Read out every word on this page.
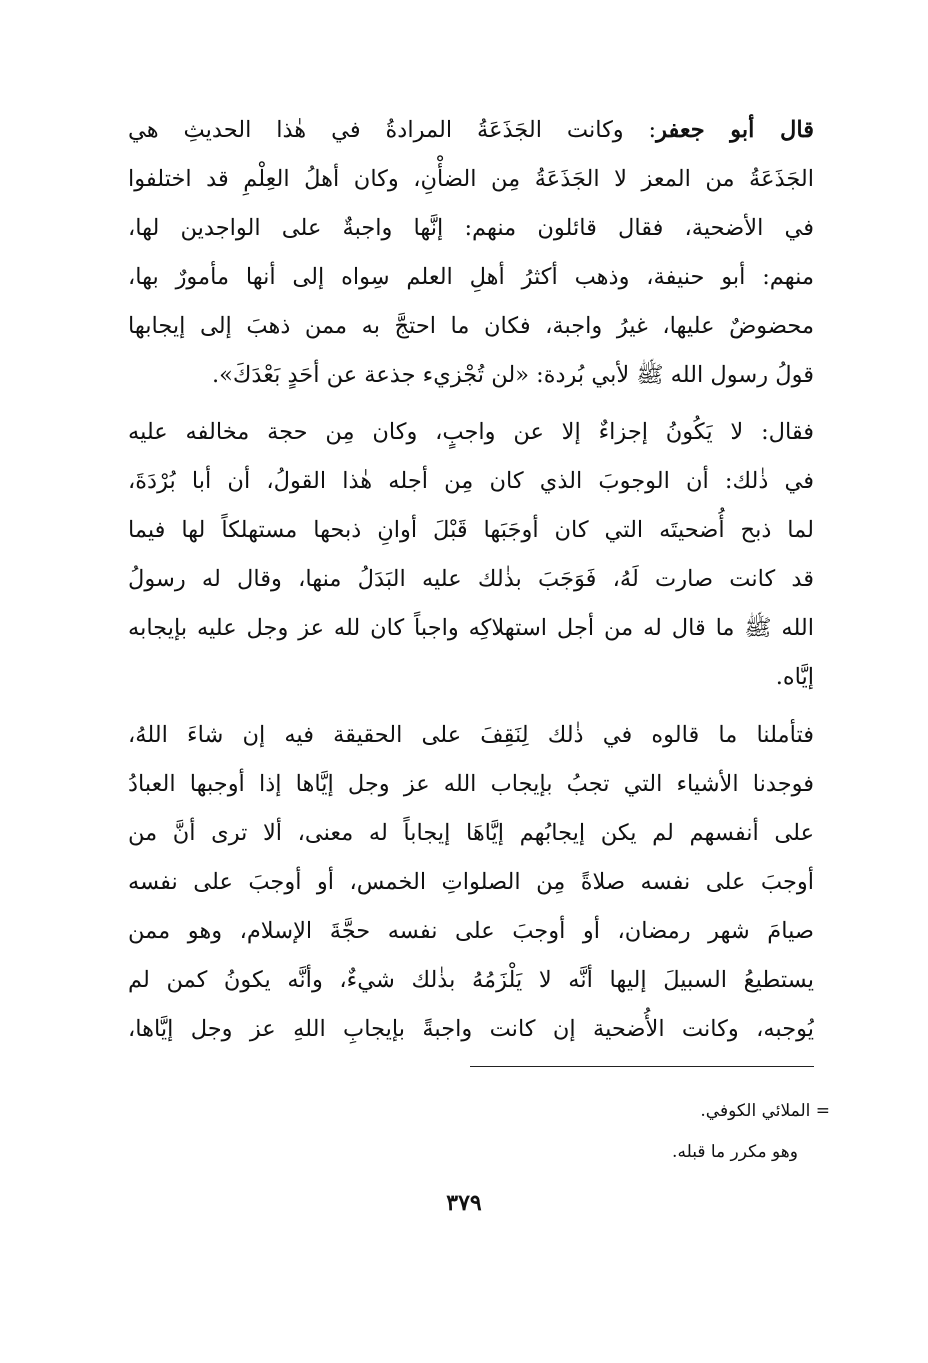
قال أبو جعفر: وكانت الجَذَعَةُ المرادةُ في هٰذا الحديثِ هي
الجَذَعَةُ من المعز لا الجَذَعَةُ مِن الضأْنِ، وكان أهلُ العِلْمِ قد اختلفوا
في الأضحية، فقال قائلون منهم: إنَّها واجبةٌ على الواجدين لها،
منهم: أبو حنيفة، وذهب أكثرُ أهلِ العلم سِواه إلى أنها مأمورٌ بها،
محضوضٌ عليها، غيرُ واجبة، فكان ما احتجَّ به ممن ذهبَ إلى إيجابها
قولُ رسول الله ﷺ لأبي بُردة: «لن تُجْزيء جذعة عن أحَدٍ بَعْدَكَ».
فقال: لا يَكُونُ إجزاءٌ إلا عن واجبٍ، وكان مِن حجة مخالفه عليه
في ذٰلك: أن الوجوبَ الذي كان مِن أجله هٰذا القولُ، أن أبا بُرْدَةَ،
لما ذبح أُضحيتَه التي كان أوجَبَها قَبْلَ أوانِ ذبحها مستهلكاً لها فيما
قد كانت صارت لَهُ، فَوَجَبَ بذٰلك عليه البَدَلُ منها، وقال له رسولُ
الله ﷺ ما قال له من أجل استهلاكِه واجباً كان لله عز وجل عليه بإيجابه
إيَّاه.
فتأملنا ما قالوه في ذٰلك لِنَقِفَ على الحقيقة فيه إن شاءَ اللهُ،
فوجدنا الأشياء التي تجبُ بإيجاب الله عز وجل إيَّاها إذا أوجبها العبادُ
على أنفسهم لم يكن إيجابُهم إيَّاهَا إيجاباً له معنى، ألا ترى أنَّ من
أوجبَ على نفسه صلاةً مِن الصلواتِ الخمس، أو أوجبَ على نفسه
صيامَ شهر رمضان، أو أوجبَ على نفسه حجَّةَ الإسلام، وهو ممن
يستطيعُ السبيلَ إليها أنَّه لا يَلْزَمُهُ بذٰلك شيءٌ، وأنَّه يكونُ كمن لم
يُوجبه، وكانت الأُضحية إن كانت واجبةً بإيجابِ اللهِ عز وجل إيَّاها،
= الملائي الكوفي.
وهو مكرر ما قبله.
٣٧٩
